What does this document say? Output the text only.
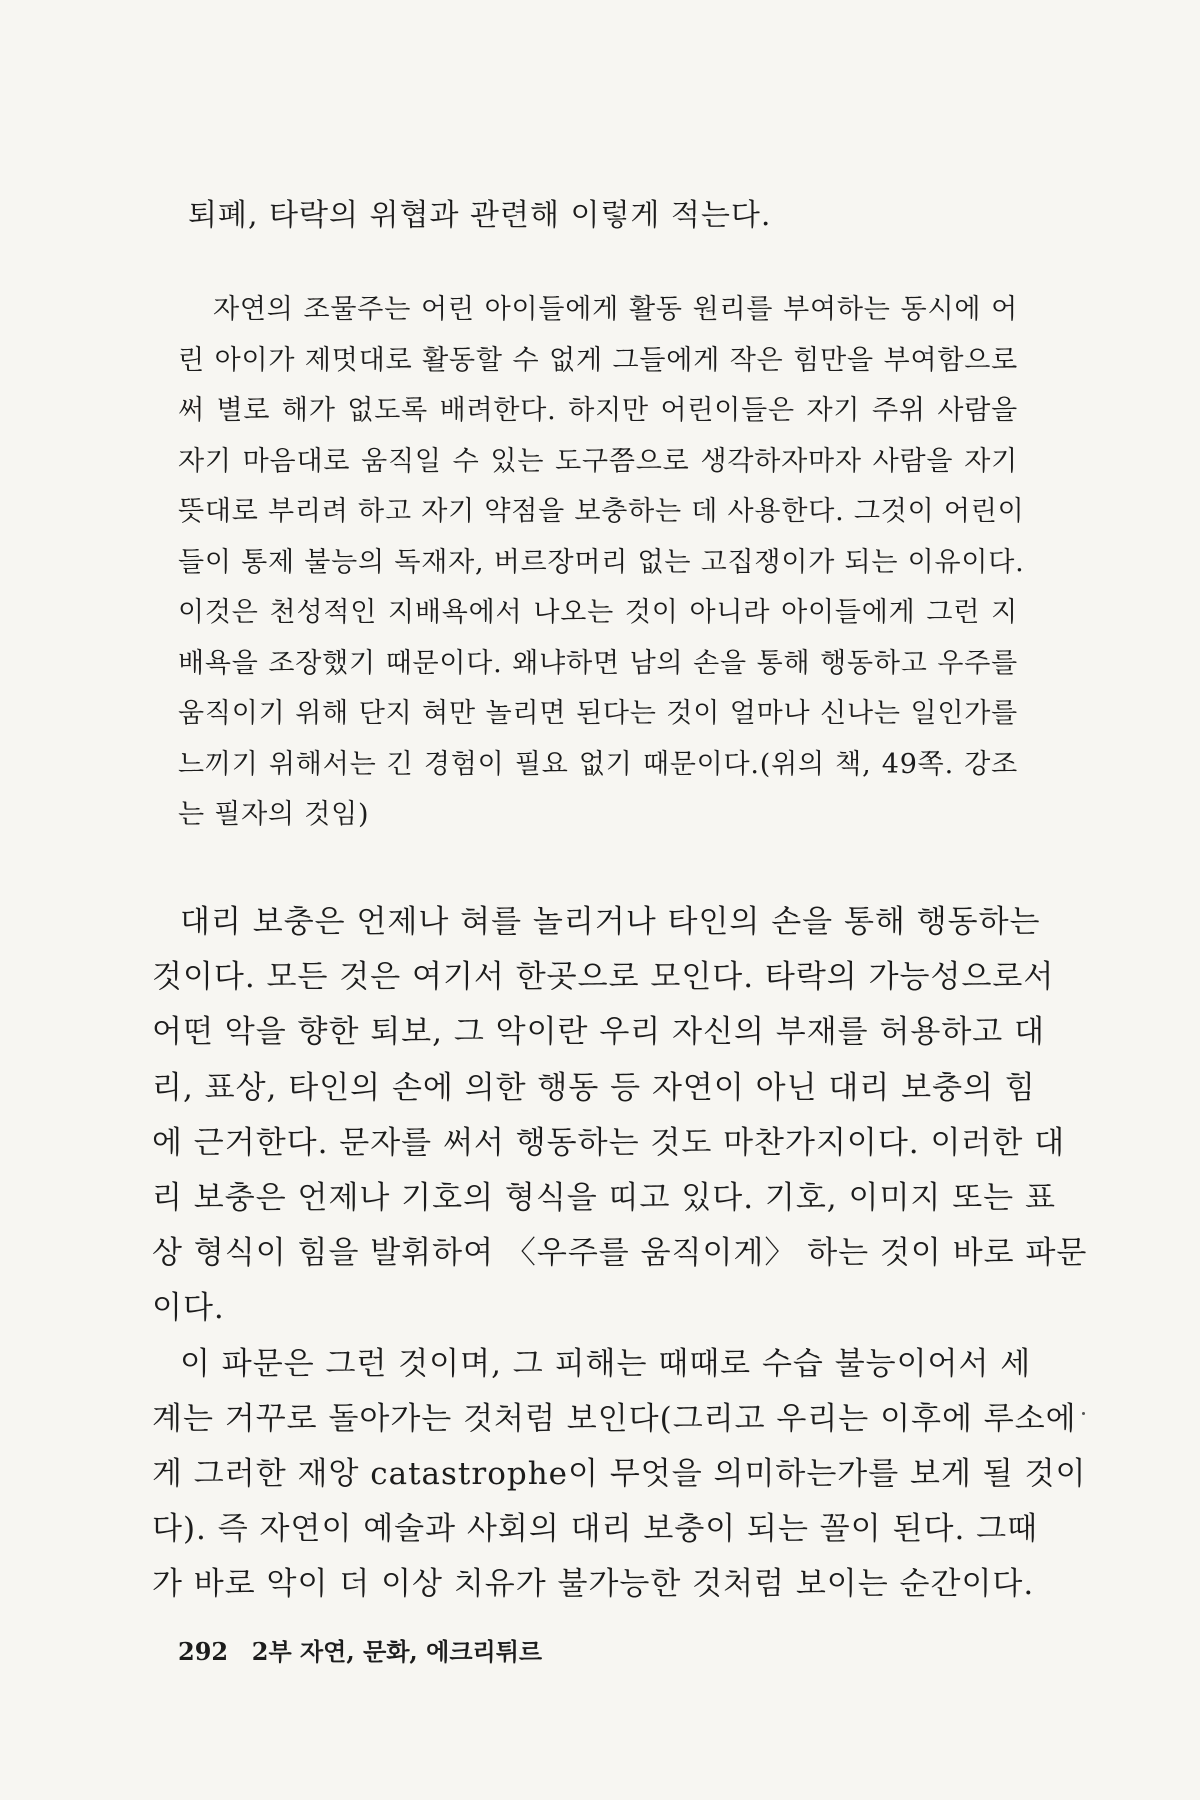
퇴폐, 타락의 위협과 관련해 이렇게 적는다.

자연의 조물주는 어린 아이들에게 활동 원리를 부여하는 동시에 어
린 아이가 제멋대로 활동할 수 없게 그들에게 작은 힘만을 부여함으로
써 별로 해가 없도록 배려한다. 하지만 어린이들은 자기 주위 사람을
자기 마음대로 움직일 수 있는 도구쯤으로 생각하자마자 사람을 자기
뜻대로 부리려 하고 자기 약점을 보충하는 데 사용한다. 그것이 어린이
들이 통제 불능의 독재자, 버르장머리 없는 고집쟁이가 되는 이유이다.
이것은 천성적인 지배욕에서 나오는 것이 아니라 아이들에게 그런 지
배욕을 조장했기 때문이다. 왜냐하면 남의 손을 통해 행동하고 우주를
움직이기 위해 단지 혀만 놀리면 된다는 것이 얼마나 신나는 일인가를
느끼기 위해서는 긴 경험이 필요 없기 때문이다.(위의 책, 49쪽. 강조
는 필자의 것임)
대리 보충은 언제나 혀를 놀리거나 타인의 손을 통해 행동하는
것이다. 모든 것은 여기서 한곳으로 모인다. 타락의 가능성으로서
어떤 악을 향한 퇴보, 그 악이란 우리 자신의 부재를 허용하고 대
리, 표상, 타인의 손에 의한 행동 등 자연이 아닌 대리 보충의 힘
에 근거한다. 문자를 써서 행동하는 것도 마찬가지이다. 이러한 대
리 보충은 언제나 기호의 형식을 띠고 있다. 기호, 이미지 또는 표
상 형식이 힘을 발휘하여 〈우주를 움직이게〉 하는 것이 바로 파문
이다.
이 파문은 그런 것이며, 그 피해는 때때로 수습 불능이어서 세
계는 거꾸로 돌아가는 것처럼 보인다(그리고 우리는 이후에 루소에
게 그러한 재앙 catastrophe이 무엇을 의미하는가를 보게 될 것이
다). 즉 자연이 예술과 사회의 대리 보충이 되는 꼴이 된다. 그때
가 바로 악이 더 이상 치유가 불가능한 것처럼 보이는 순간이다.
292 2부 자연, 문화, 에크리튀르
